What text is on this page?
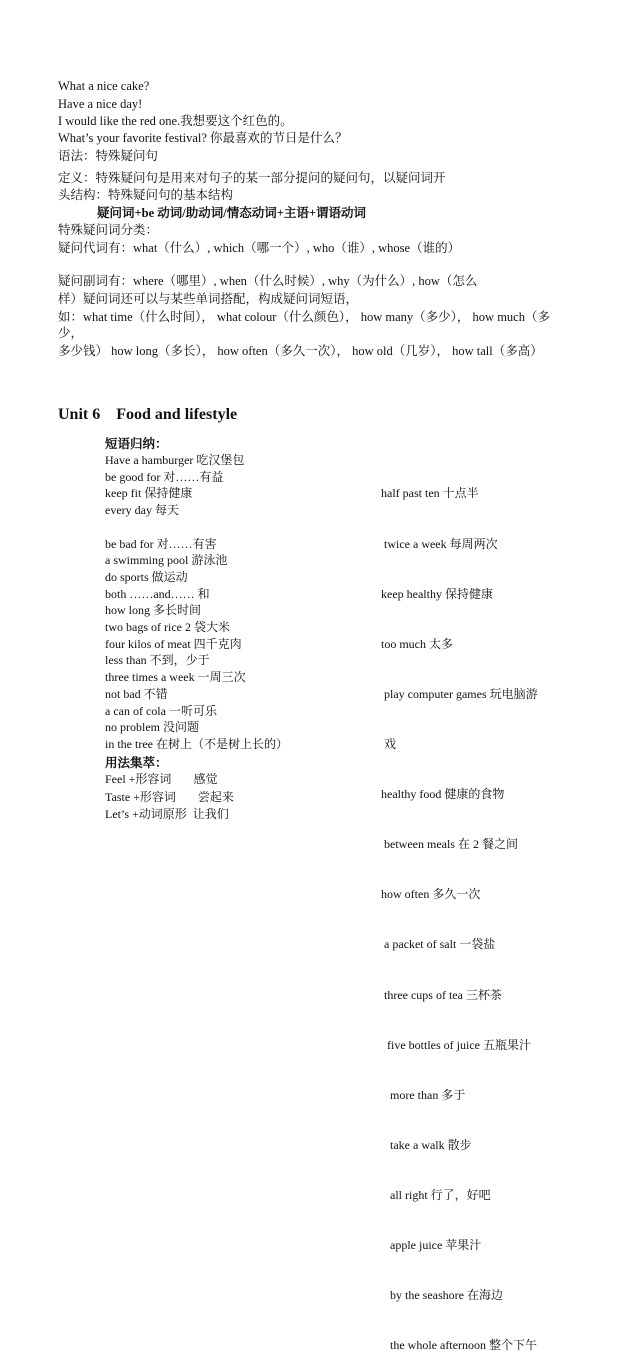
What a nice cake?
Have a nice day!
I would like the red one.我想要这个红色的。
What’s your favorite festival? 你最喜欢的节日是什么？
语法：特殊疑问句
定义：特殊疑问句是用来对句子的某一部分提问的疑问句，以疑问词开
头结构：特殊疑问句的基本结构
疑问词+be 动词/助动词/情态动词+主语+谓语动词
特殊疑问词分类：
疑问代词有：what（什么）, which（哪一个）, who（谁）, whose（谁的）
疑问副词有：where（哪里）, when（什么时候）, why（为什么）, how（怎么
样）疑问词还可以与某些单词搭配，构成疑问词短语，
如：what time（什么时间）， what colour（什么颜色）， how many（多少）， how much（多
少，
多少钱） how long（多长）， how often（多久一次）， how old（几岁）， how tall（多高）
Unit 6　Food and lifestyle
短语归纳：
Have a hamburger 吃汉堡包
be good for 对……有益
keep fit 保持健康
every day 每天
be bad for 对……有害
a swimming pool 游泳池
do sports 做运动
both ……and…… 和
how long 多长时间
two bags of rice 2 袋大米
four kilos of meat 四千克肉
less than 不到，少于
three times a week 一周三次
not bad 不错
a can of cola 一听可乐
no problem 没问题
in the tree 在树上（不是树上长的）

half past ten 十点半

twice a week 每周两次

keep healthy 保持健康

too much 太多

play computer games 玩电脑游

戏

healthy food 健康的食物

between meals 在 2 餐之间

how often 多久一次

a packet of salt 一袋盐

three cups of tea 三杯茶

five bottles of juice 五瓶果汁

more than 多于

take a walk 散步

all right 行了，好吧

apple juice 苹果汁

by the seashore 在海边

the whole afternoon 整个下午

用法集萃：
Feel +形容词 感觉
Taste +形容词 尝起来
Let’s +动词原形 让我们
